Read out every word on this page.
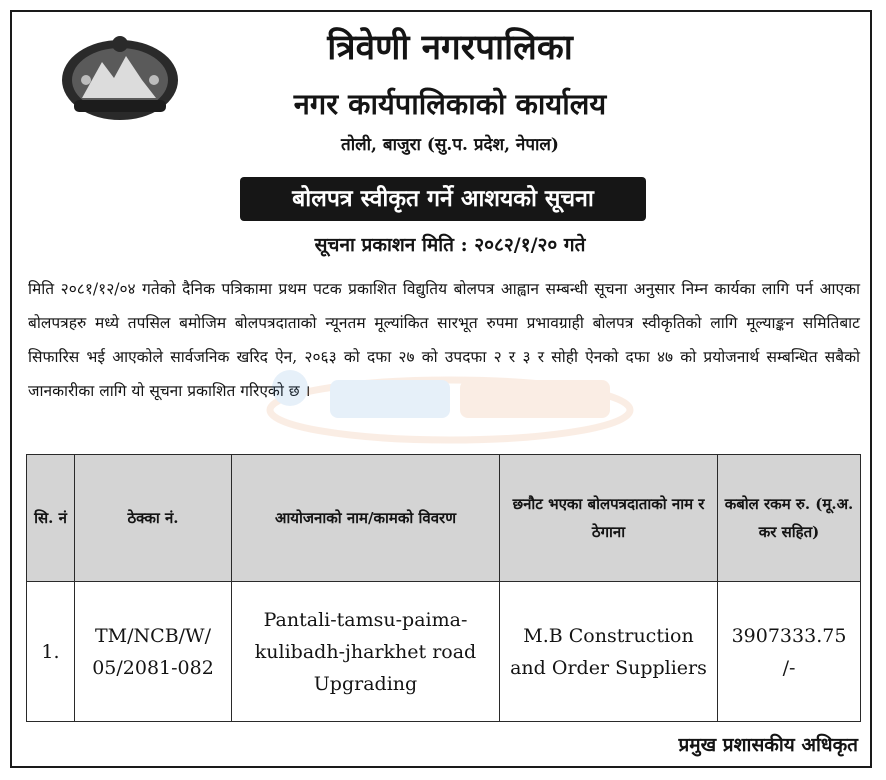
त्रिवेणी नगरपालिका
नगर कार्यपालिकाको कार्यालय
तोली, बाजुरा (सु.प. प्रदेश, नेपाल)
बोलपत्र स्वीकृत गर्ने आशयको सूचना
सूचना प्रकाशन मिति : २०८२/१/२० गते

मिति २०८१/१२/०४ गतेको दैनिक पत्रिकामा प्रथम पटक प्रकाशित विद्युतिय बोलपत्र आह्वान सम्बन्धी सूचना अनुसार निम्न कार्यका लागि पर्न आएका बोलपत्रहरु मध्ये तपसिल बमोजिम बोलपत्रदाताको न्यूनतम मूल्यांकित सारभूत रुपमा प्रभावग्राही बोलपत्र स्वीकृतिको लागि मूल्याङ्कन समितिबाट सिफारिस भई आएकोले सार्वजनिक खरिद ऐन, २०६३ को दफा २७ को उपदफा २ र ३ र सोही ऐनको दफा ४७ को प्रयोजनार्थ सम्बन्धित सबैको जानकारीका लागि यो सूचना प्रकाशित गरिएको छ ।

सि. नं	ठेक्का नं.	आयोजनाको नाम/कामको विवरण	छनौट भएका बोलपत्रदाताको नाम र ठेगाना	कबोल रकम रु. (मू.अ. कर सहित)
1.	TM/NCB/W/ 05/2081-082	Pantali-tamsu-paima-kulibadh-jharkhet road Upgrading	M.B Construction and Order Suppliers	3907333.75 /-
प्रमुख प्रशासकीय अधिकृत
